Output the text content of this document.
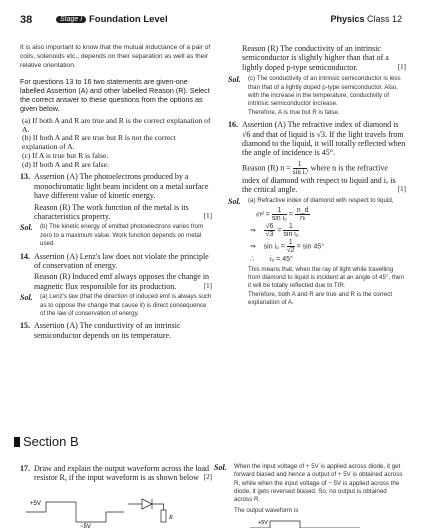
38	Stage I Foundation Level	Physics Class 12

It is also important to know that the mutual inductance of a pair of coils, solenoids etc., depends on their separation as well as their relative orientation.

For questions 13 to 16 two statements are given-one labelled Assertion (A) and other labelled Reason (R). Select the correct answer to these questions from the options as given below.

(a) If both A and R are true and R is the correct explanation of A.
(b) If both A and R are true but R is not the correct explanation of A.
(c) If A is true but R is false.
(d) If both A and R are false.
13. Assertion (A) The photoelectrons produced by a monochromatic light beam incident on a metal surface have different value of kinetic energy.
Reason (R) The work function of the metal is its characteristics property.	[1]
Sol.	(b) The kinetic energy of emitted photoelectrons varies from zero to a maximum value. Work function depends on metal used.
14. Assertion (A) Lenz's law does not violate the principle of conservation of energy.
Reason (R) Induced emf always opposes the change in magnetic flux responsible for its production.	[1]
Sol.	(a) Lenz's law (that the direction of induced emf is always such as to oppose the change that cause it) is direct consequence of the law of conservation of energy.
15. Assertion (A) The conductivity of an intrinsic semiconductor depends on its temperature.
Reason (R) The conductivity of an intrinsic semiconductor is slightly higher than that of a lightly doped p-type semiconductor.	[1]
Sol.	(c) The conductivity of an intrinsic semiconductor is less than that of a lightly doped p-type semiconductor. Also, with the increase in the temperature, conductivity of intrinsic semiconductor increase.
Therefore, A is true but R is false.
16. Assertion (A) The refractive index of diamond is √6 and that of liquid is √3. If the light travels from diamond to the liquid, it will totally reflected when the angle of incidence is 45°.
Reason (R) $n = \frac{1}{\text{sin iₒ}}$ , where n is the refractive index of diamond with respect to liquid and iₒ is the critical angle.	[1]
Sol.	(a) Refractive index of diamond with respect to liquid,
ₗnᵈ = $\frac{1}{\text{sin iₒ}} = \frac{n\_d}{\text{nₗ}}$
⇒ $\frac{√6}{√3} = \frac{1}{\text{sin iₒ}}$
⇒ $\sin i_o = \frac{1}{√2} = \sin 45^\circ$
∴ iₒ = 45°
This means that, when the ray of light while travelling from diamond to liquid is incident at an angle of 45°, then it will be totally reflected due to TIR.
Therefore, both A and R are true and R is the correct explanation of A.
Section B
17. Draw and explain the output waveform across the load resistor R, if the input waveform is as shown below [2]
+5V
−5V
R
Sol.	When the input voltage of + 5V is applied across diode, it get forward biased and hence a output of + 5V is obtained across R, while when the input voltage of − 5V is applied across the diode, it gets reversed biased. So, no output is obtained across R.
The output waveform is
+5V
